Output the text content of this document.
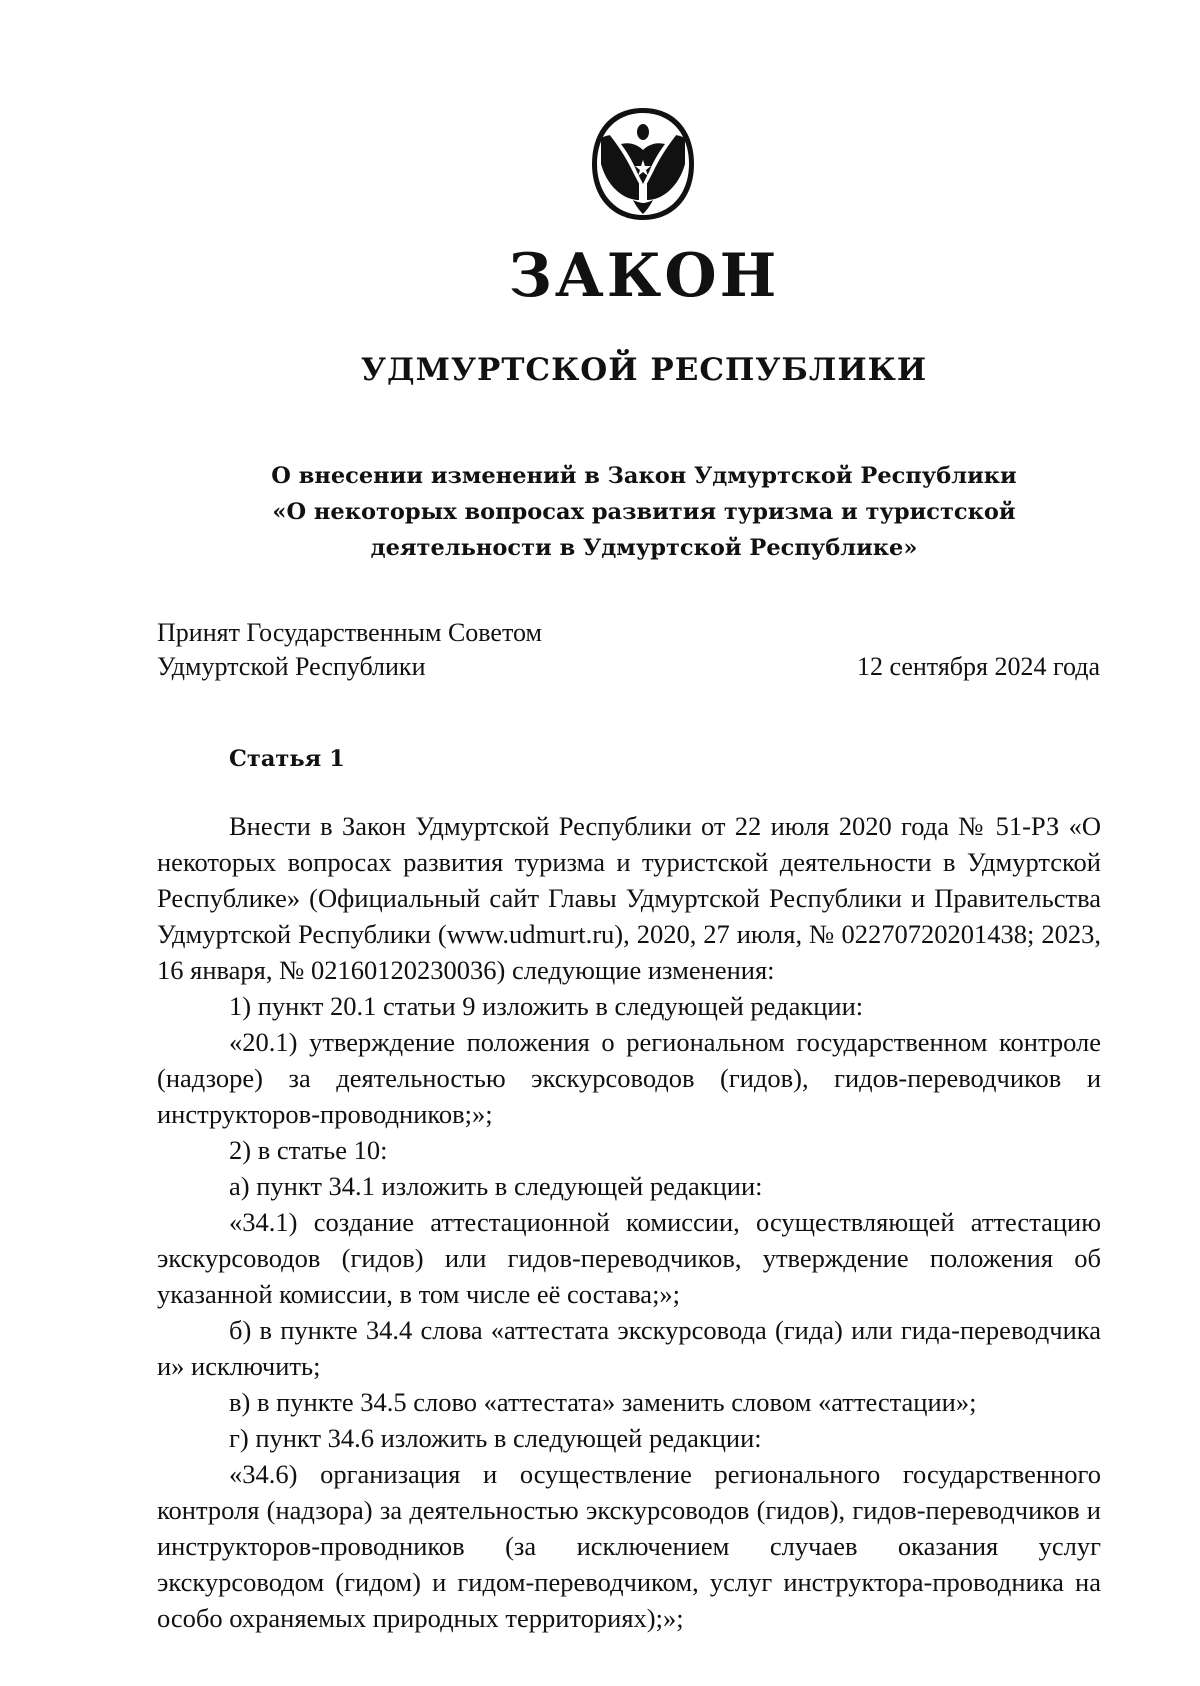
ЗАКОН
УДМУРТСКОЙ РЕСПУБЛИКИ
О внесении изменений в Закон Удмуртской Республики
«О некоторых вопросах развития туризма и туристской
деятельности в Удмуртской Республике»
Принят Государственным Советом
Удмуртской Республики	12 сентября 2024 года
Статья 1

Внести в Закон Удмуртской Республики от 22 июля 2020 года № 51-РЗ «О некоторых вопросах развития туризма и туристской деятельности в Удмуртской Республике» (Официальный сайт Главы Удмуртской Республики и Правительства Удмуртской Республики (www.udmurt.ru), 2020, 27 июля, № 02270720201438; 2023, 16 января, № 02160120230036) следующие изменения:

1) пункт 20.1 статьи 9 изложить в следующей редакции:

«20.1) утверждение положения о региональном государственном контроле (надзоре) за деятельностью экскурсоводов (гидов), гидов-переводчиков и инструкторов-проводников;»;

2) в статье 10:

а) пункт 34.1 изложить в следующей редакции:

«34.1) создание аттестационной комиссии, осуществляющей аттестацию экскурсоводов (гидов) или гидов-переводчиков, утверждение положения об указанной комиссии, в том числе её состава;»;

б) в пункте 34.4 слова «аттестата экскурсовода (гида) или гида-переводчика и» исключить;

в) в пункте 34.5 слово «аттестата» заменить словом «аттестации»;

г) пункт 34.6 изложить в следующей редакции:

«34.6) организация и осуществление регионального государственного контроля (надзора) за деятельностью экскурсоводов (гидов), гидов-переводчиков и инструкторов-проводников (за исключением случаев оказания услуг экскурсоводом (гидом) и гидом-переводчиком, услуг инструктора-проводника на особо охраняемых природных территориях);»;
